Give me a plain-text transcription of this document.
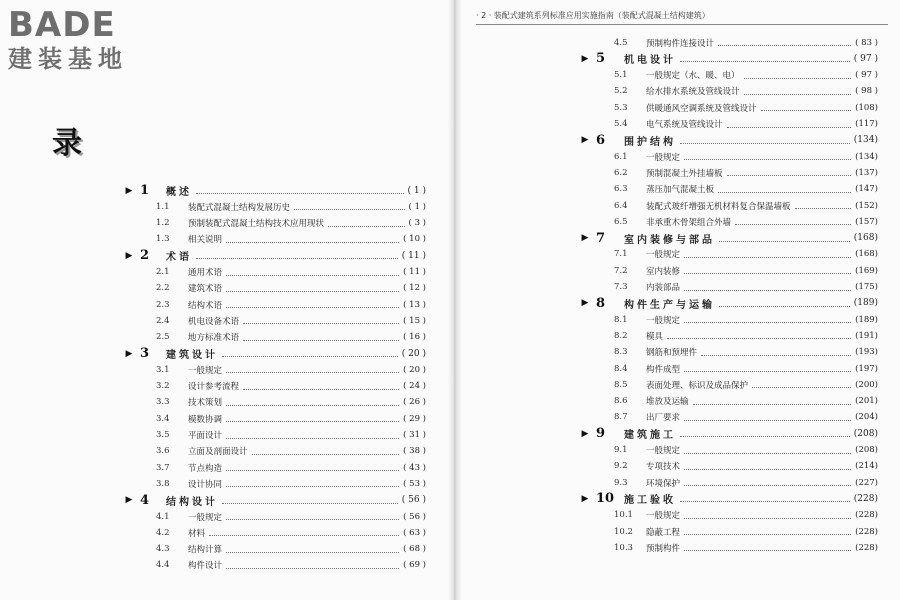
BADE
建装基地
录
▶ 1	概述	( 1 )
1.1	装配式混凝土结构发展历史	( 1 )
1.2	预制装配式混凝土结构技术应用现状	( 3 )
1.3	相关说明	( 10 )
▶ 2	术语	( 11 )
2.1	通用术语	( 11 )
2.2	建筑术语	( 12 )
2.3	结构术语	( 13 )
2.4	机电设备术语	( 15 )
2.5	地方标准术语	( 16 )
▶ 3	建筑设计	( 20 )
3.1	一般规定	( 20 )
3.2	设计参考流程	( 24 )
3.3	技术策划	( 26 )
3.4	模数协调	( 29 )
3.5	平面设计	( 31 )
3.6	立面及剖面设计	( 38 )
3.7	节点构造	( 43 )
3.8	设计协同	( 53 )
▶ 4	结构设计	( 56 )
4.1	一般规定	( 56 )
4.2	材料	( 63 )
4.3	结构计算	( 68 )
4.4	构件设计	( 69 )
· 2 · 装配式建筑系列标准应用实施指南（装配式混凝土结构建筑）
4.5	预制构件连接设计	( 83 )
▶ 5	机电设计	( 97 )
5.1	一般规定（水、暖、电）	( 97 )
5.2	给水排水系统及管线设计	( 98 )
5.3	供暖通风空调系统及管线设计	(108)
5.4	电气系统及管线设计	(117)
▶ 6	围护结构	(134)
6.1	一般规定	(134)
6.2	预制混凝土外挂墙板	(137)
6.3	蒸压加气混凝土板	(147)
6.4	装配式玻纤增强无机材料复合保温墙板	(152)
6.5	非承重木骨架组合外墙	(157)
▶ 7	室内装修与部品	(168)
7.1	一般规定	(168)
7.2	室内装修	(169)
7.3	内装部品	(175)
▶ 8	构件生产与运输	(189)
8.1	一般规定	(189)
8.2	模具	(191)
8.3	钢筋和预埋件	(193)
8.4	构件成型	(197)
8.5	表面处理、标识及成品保护	(200)
8.6	堆放及运输	(201)
8.7	出厂要求	(204)
▶ 9	建筑施工	(208)
9.1	一般规定	(208)
9.2	专项技术	(214)
9.3	环境保护	(227)
▶ 10 施工验收	(228)
10.1	一般规定	(228)
10.2	隐蔽工程	(228)
10.3	预制构件	(228)
